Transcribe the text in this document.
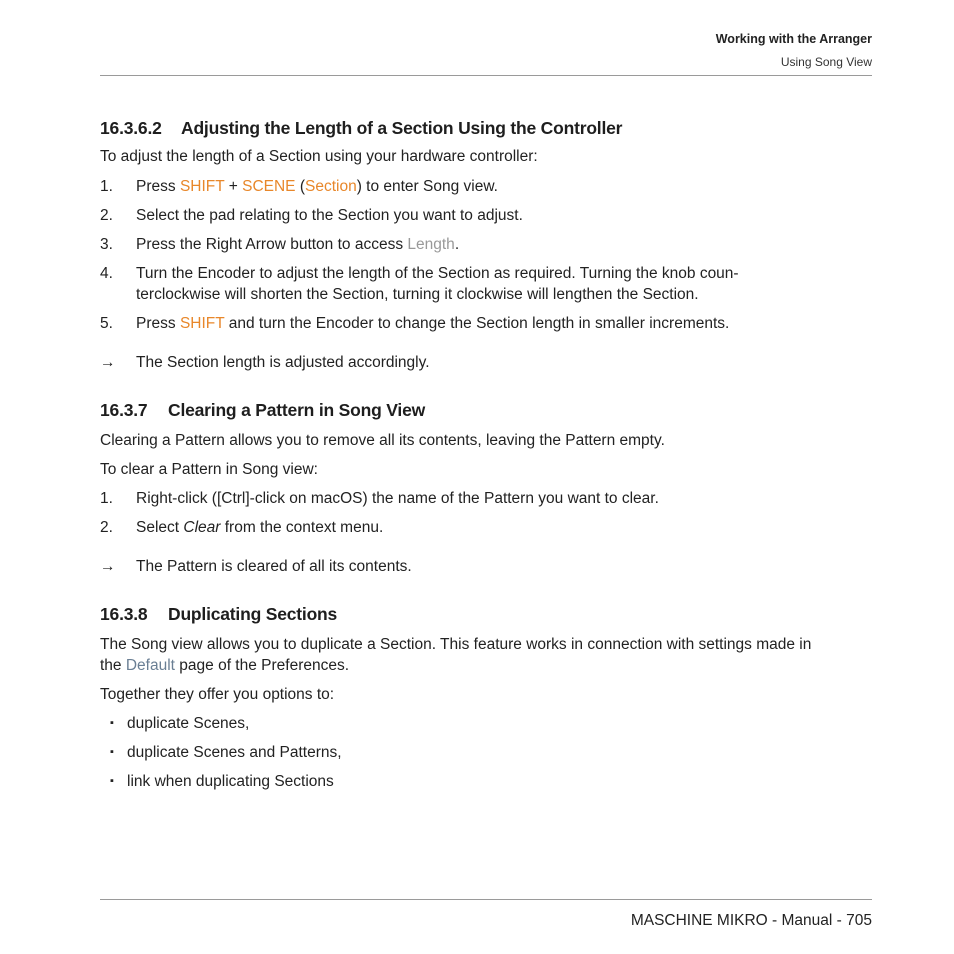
Working with the Arranger
Using Song View
16.3.6.2 Adjusting the Length of a Section Using the Controller

To adjust the length of a Section using your hardware controller:

1. Press SHIFT + SCENE (Section) to enter Song view.
2. Select the pad relating to the Section you want to adjust.
3. Press the Right Arrow button to access Length.
4. Turn the Encoder to adjust the length of the Section as required. Turning the knob coun-terclockwise will shorten the Section, turning it clockwise will lengthen the Section.
5. Press SHIFT and turn the Encoder to change the Section length in smaller increments.
→ The Section length is adjusted accordingly.
16.3.7 Clearing a Pattern in Song View

Clearing a Pattern allows you to remove all its contents, leaving the Pattern empty.

To clear a Pattern in Song view:

1. Right-click ([Ctrl]-click on macOS) the name of the Pattern you want to clear.
2. Select Clear from the context menu.
→ The Pattern is cleared of all its contents.
16.3.8 Duplicating Sections

The Song view allows you to duplicate a Section. This feature works in connection with settings made in the Default page of the Preferences.

Together they offer you options to:

▪ duplicate Scenes,
▪ duplicate Scenes and Patterns,
▪ link when duplicating Sections
MASCHINE MIKRO - Manual - 705
